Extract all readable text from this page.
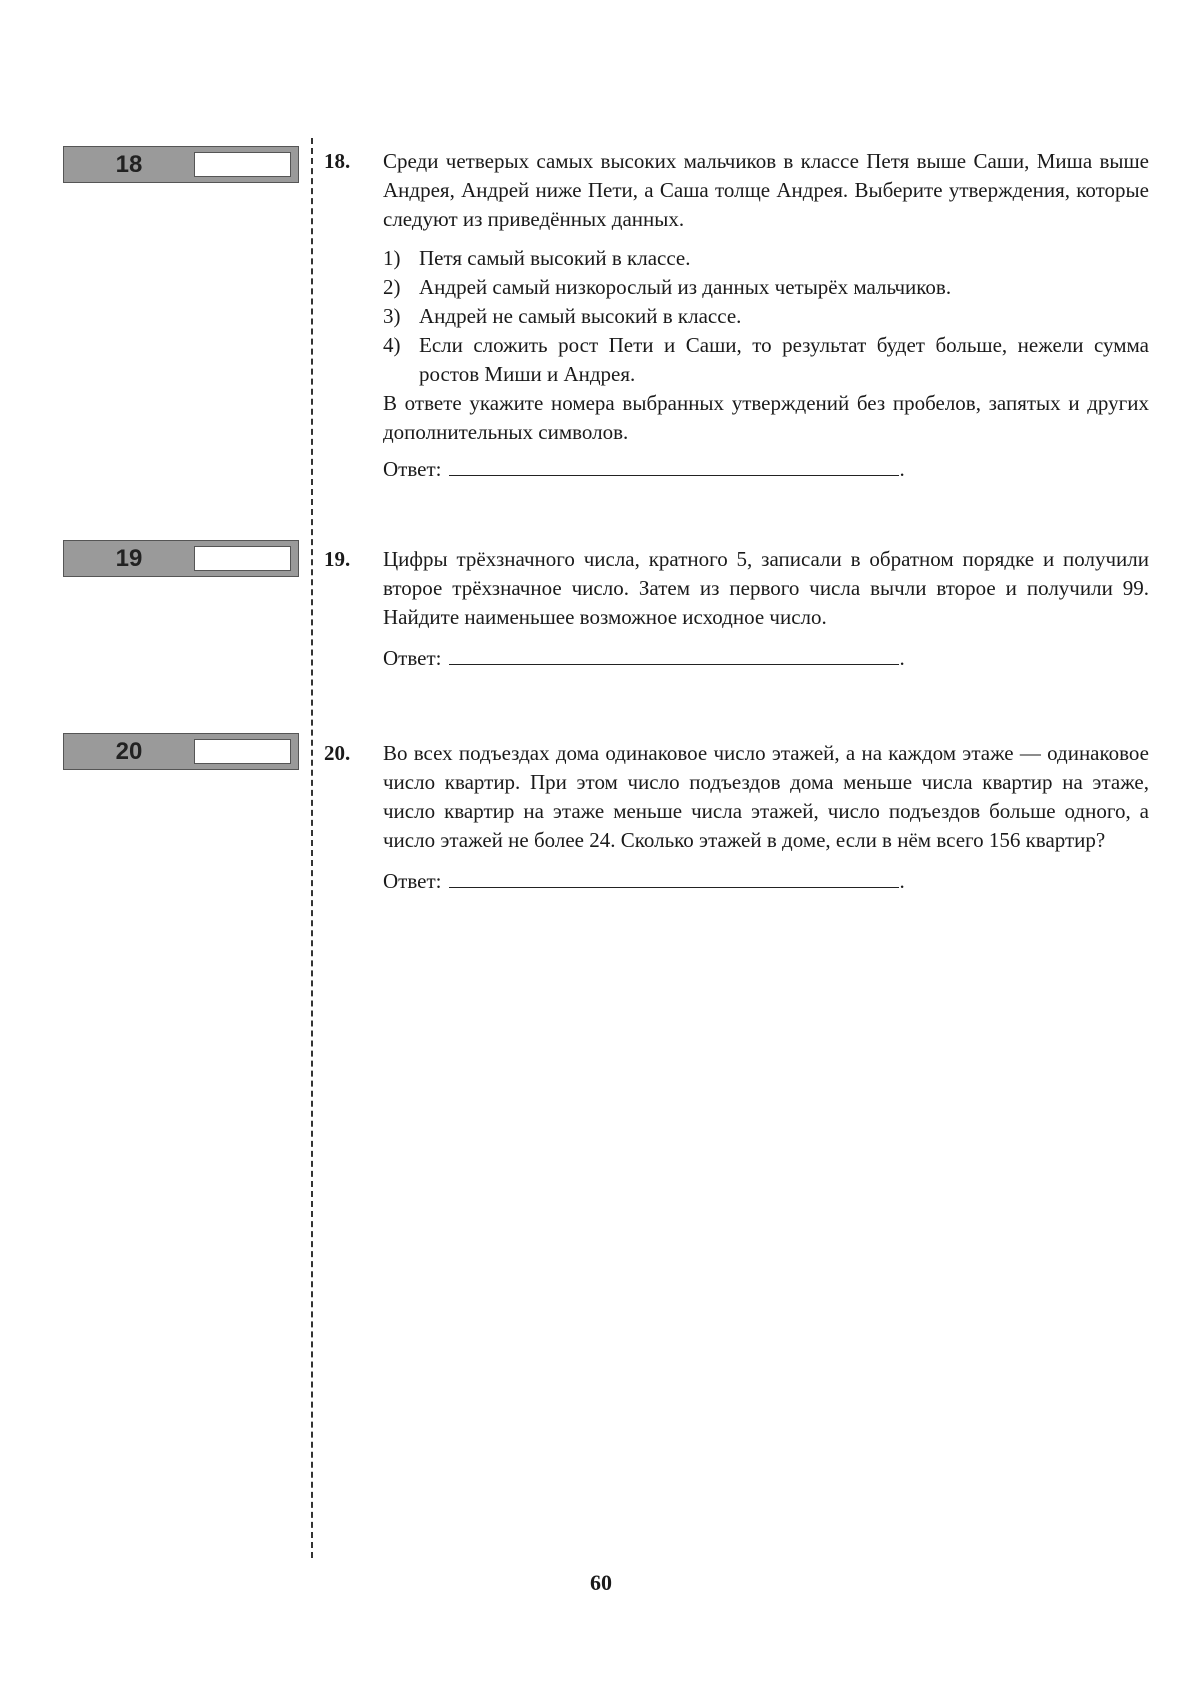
18	18. Среди четверых самых высоких мальчиков в классе Петя выше Саши, Миша выше Андрея, Андрей ниже Пети, а Саша толще Андрея. Выберите утверждения, которые следуют из приведённых данных.

1) Петя самый высокий в классе.
2) Андрей самый низкорослый из данных четырёх мальчиков.
3) Андрей не самый высокий в классе.
4) Если сложить рост Пети и Саши, то результат будет больше, нежели сумма ростов Миши и Андрея.

В ответе укажите номера выбранных утверждений без пробелов, запятых и других дополнительных символов.

Ответ:	.
19	19. Цифры трёхзначного числа, кратного 5, записали в обратном порядке и получили второе трёхзначное число. Затем из первого числа вычли второе и получили 99. Найдите наименьшее возможное исходное число.

Ответ:	.
20	20. Во всех подъездах дома одинаковое число этажей, а на каждом этаже — одинаковое число квартир. При этом число подъездов дома меньше числа квартир на этаже, число квартир на этаже меньше числа этажей, число подъездов больше одного, а число этажей не более 24. Сколько этажей в доме, если в нём всего 156 квартир?

Ответ:	.
60
